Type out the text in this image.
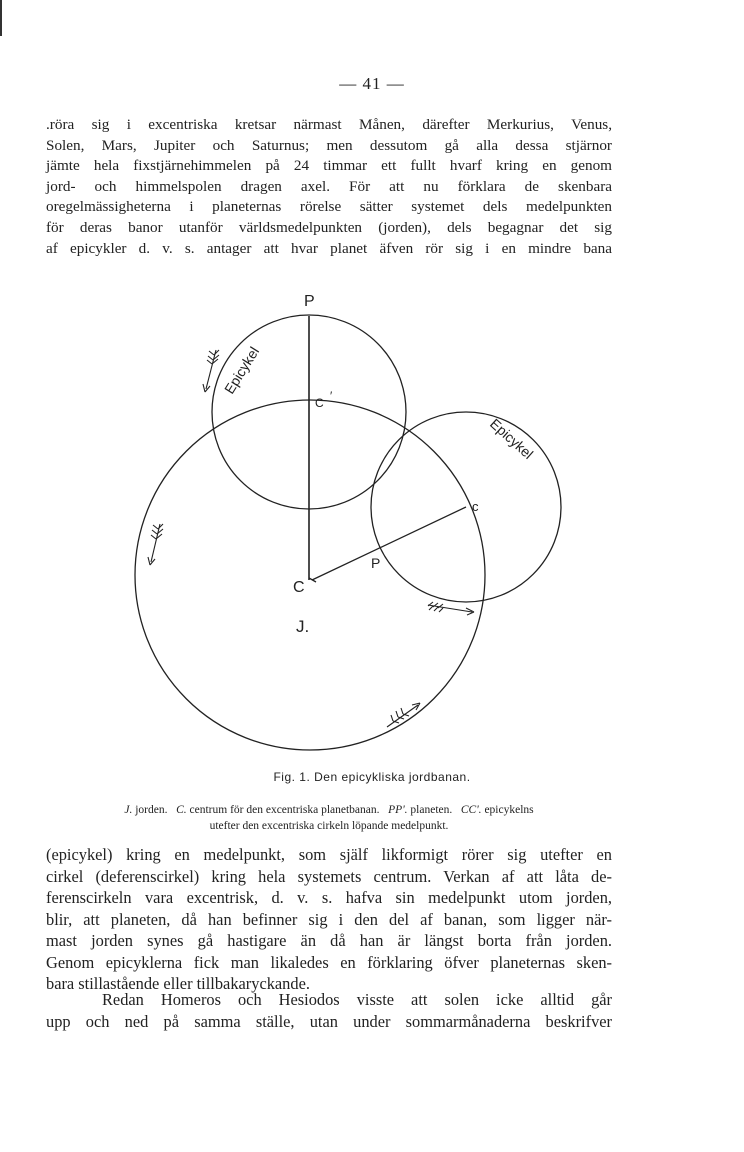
— 41 —
.röra sig i excentriska kretsar närmast Månen, därefter Merkurius, Venus,
Solen, Mars, Jupiter och Saturnus; men dessutom gå alla dessa stjärnor
jämte hela fixstjärnehimmelen på 24 timmar ett fullt hvarf kring en genom
jord- och himmelspolen dragen axel. För att nu förklara de skenbara
oregelmässigheterna i planeternas rörelse sätter systemet dels medelpunkten
för deras banor utanför världsmedelpunkten (jorden), dels begagnar det sig
af epicykler d. v. s. antager att hvar planet äfven rör sig i en mindre bana
P
C ′
C
J.
P
c
Epicykel
Epicykel
Fig. 1. Den epicykliska jordbanan.
J. jorden. C. centrum för den excentriska planetbanan. PP'. planeten. CC'. epicykelns
utefter den excentriska cirkeln löpande medelpunkt.
(epicykel) kring en medelpunkt, som själf likformigt rörer sig utefter en
cirkel (deferenscirkel) kring hela systemets centrum. Verkan af att låta de-
ferenscirkeln vara excentrisk, d. v. s. hafva sin medelpunkt utom jorden,
blir, att planeten, då han befinner sig i den del af banan, som ligger när-
mast jorden synes gå hastigare än då han är längst borta från jorden.
Genom epicyklerna fick man likaledes en förklaring öfver planeternas sken-
bara stillastående eller tillbakaryckande.
Redan Homeros och Hesiodos visste att solen icke alltid går
upp och ned på samma ställe, utan under sommarmånaderna beskrifver
